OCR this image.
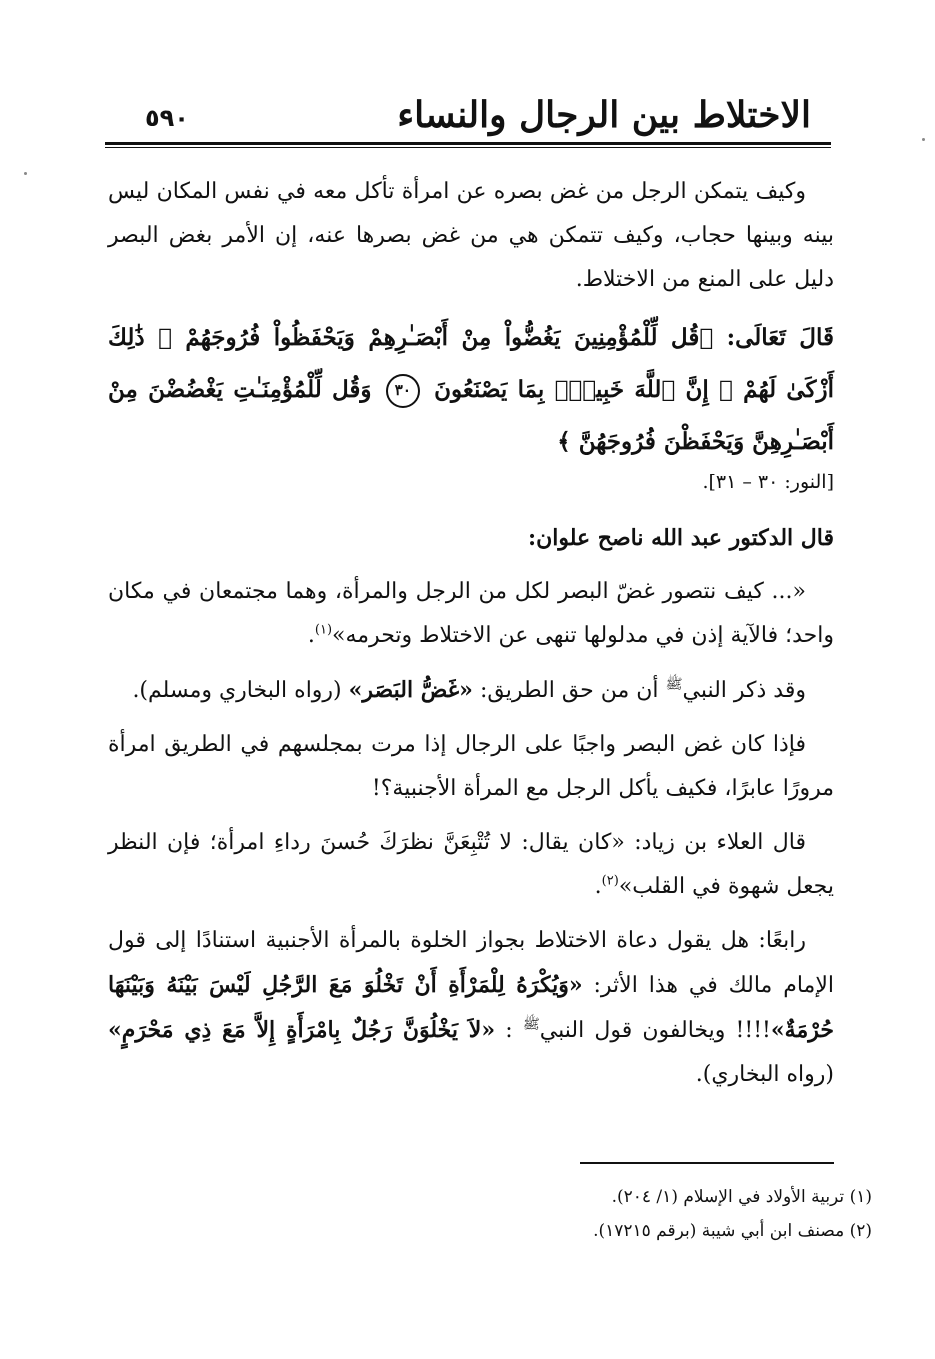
٥٩٠	الاختلاط بين الرجال والنساء

وكيف يتمكن الرجل من غض بصره عن امرأة تأكل معه في نفس المكان ليس بينه وبينها حجاب، وكيف تتمكن هي من غض بصرها عنه، إن الأمر بغض البصر دليل على المنع من الاختلاط.

قَالَ تَعَالَى: ﴿قُل لِّلْمُؤْمِنِينَ يَغُضُّواْ مِنْ أَبْصَـٰرِهِمْ وَيَحْفَظُواْ فُرُوجَهُمْ ۚ ذَٰلِكَ أَزْكَىٰ لَهُمْ ۗ إِنَّ ٱللَّهَ خَبِيرٌۢ بِمَا يَصْنَعُونَ ٣٠ وَقُل لِّلْمُؤْمِنَـٰتِ يَغْضُضْنَ مِنْ أَبْصَـٰرِهِنَّ وَيَحْفَظْنَ فُرُوجَهُنَّ ﴾

[النور: ٣٠ – ٣١].

قال الدكتور عبد الله ناصح علوان:

«... كيف نتصور غضّ البصر لكل من الرجل والمرأة، وهما مجتمعان في مكان واحد؛ فالآية إذن في مدلولها تنهى عن الاختلاط وتحرمه»$^{(١)}$.

وقد ذكر النبي$^ﷺ$ أن من حق الطريق: «غَضُّ البَصَر» (رواه البخاري ومسلم).

فإذا كان غض البصر واجبًا على الرجال إذا مرت بمجلسهم في الطريق امرأة مرورًا عابرًا، فكيف يأكل الرجل مع المرأة الأجنبية؟!

قال العلاء بن زياد: «كان يقال: لا تُتْبِعَنَّ نظرَكَ حُسنَ رداءِ امرأة؛ فإن النظر يجعل شهوة في القلب»$^{(٢)}$.

رابعًا: هل يقول دعاة الاختلاط بجواز الخلوة بالمرأة الأجنبية استنادًا إلى قول الإمام مالك في هذا الأثر: «وَيُكْرَهُ لِلْمَرْأَةِ أَنْ تَخْلُوَ مَعَ الرَّجُلِ لَيْسَ بَيْنَهُ وَبَيْنَهَا حُرْمَةٌ»!!!! ويخالفون قول النبي$^ﷺ$ : «لاَ يَخْلُوَنَّ رَجُلٌ بِامْرَأَةٍ إِلاَّ مَعَ ذِي مَحْرَمٍ» (رواه البخاري).

(١) تربية الأولاد في الإسلام (١/ ٢٠٤).

(٢) مصنف ابن أبي شيبة (برقم ١٧٢١٥).
